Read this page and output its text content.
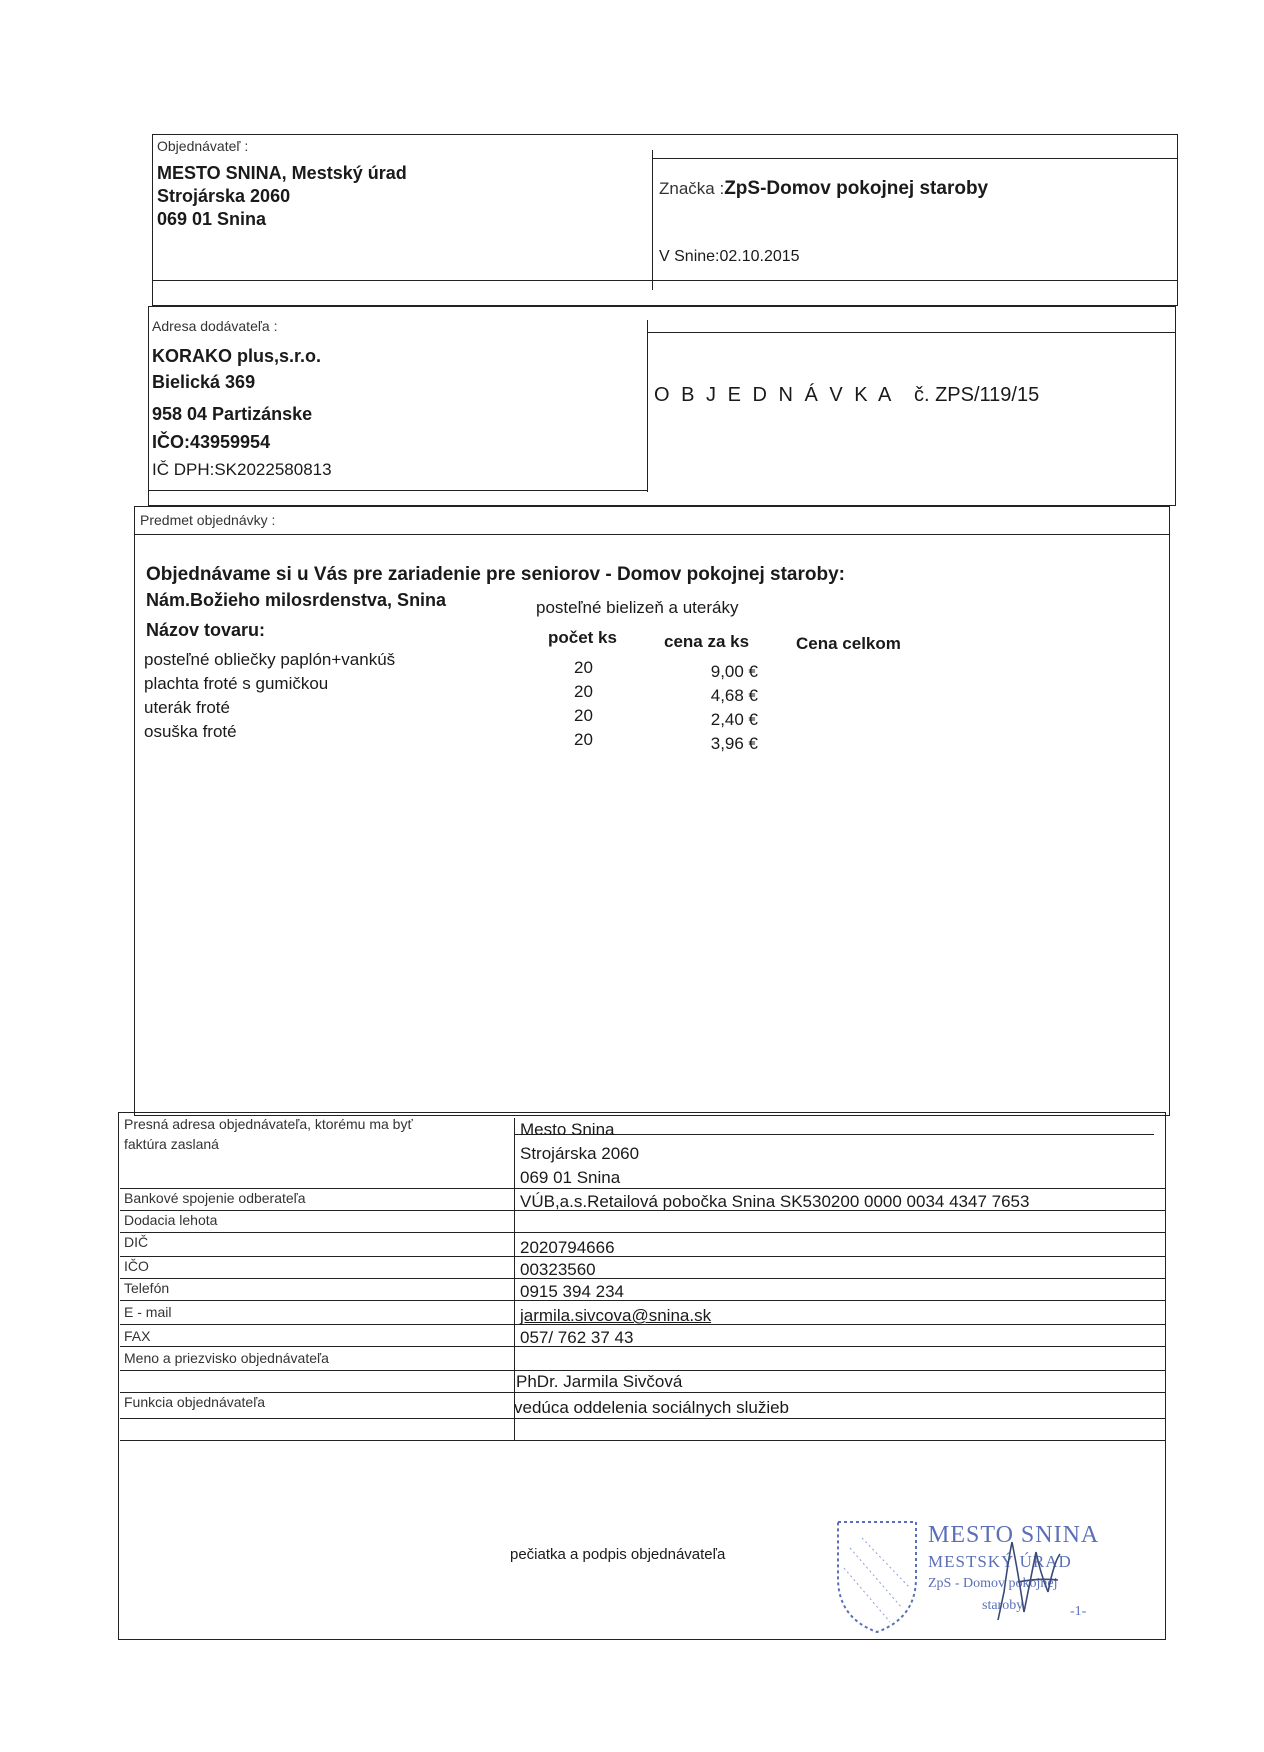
Objednávateľ :
MESTO SNINA, Mestský úrad
Strojárska 2060
069 01 Snina
Značka :ZpS-Domov pokojnej staroby
V Snine:02.10.2015
Adresa dodávateľa :
KORAKO plus,s.r.o.
Bielická 369
958 04 Partizánske
IČO:43959954
IČ DPH:SK2022580813
O B J E D N Á V K A č. ZPS/119/15
Predmet objednávky :
Objednávame si u Vás pre zariadenie pre seniorov - Domov pokojnej staroby:
Nám.Božieho milosrdenstva, Snina	posteľné bielizeň a uteráky
Názov tovaru:	počet ks	cena za ks	Cena celkom
posteľné obliečky paplón+vankúš	20	9,00 €
plachta froté s gumičkou	20	4,68 €
uterák froté	20	2,40 €
osuška froté	20	3,96 €
Presná adresa objednávateľa, ktorému ma byť
faktúra zaslaná
Mesto Snina
Strojárska 2060
069 01 Snina
Bankové spojenie odberateľa	VÚB,a.s.Retailová pobočka Snina SK530200 0000 0034 4347 7653
Dodacia lehota
DIČ	2020794666
IČO	00323560
Telefón	0915 394 234
E - mail	jarmila.sivcova@snina.sk
FAX	057/ 762 37 43
Meno a priezvisko objednávateľa
PhDr. Jarmila Sivčová
Funkcia objednávateľa	vedúca oddelenia sociálnych služieb
pečiatka a podpis objednávateľa
MESTO SNINA
MESTSKÝ ÚRAD
ZpS - Domov pokojnej
staroby	-1-
